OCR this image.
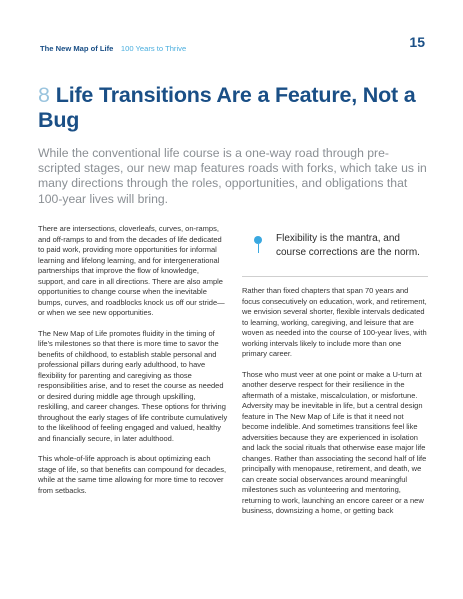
The New Map of Life 100 Years to Thrive	15
8 Life Transitions Are a Feature, Not a Bug
While the conventional life course is a one-way road through pre-scripted stages, our new map features roads with forks, which take us in many directions through the roles, opportunities, and obligations that 100-year lives will bring.

There are intersections, cloverleafs, curves, on-ramps, and off-ramps to and from the decades of life dedicated to paid work, providing more opportunities for informal learning and lifelong learning, and for intergenerational partnerships that improve the flow of knowledge, support, and care in all directions. There are also ample opportunities to change course when the inevitable bumps, curves, and roadblocks knock us off our stride—or when we see new opportunities.

The New Map of Life promotes fluidity in the timing of life's milestones so that there is more time to savor the benefits of childhood, to establish stable personal and professional pillars during early adulthood, to have flexibility for parenting and caregiving as those responsibilities arise, and to reset the course as needed or desired during middle age through upskilling, reskilling, and career changes. These options for thriving throughout the early stages of life contribute cumulatively to the likelihood of feeling engaged and valued, healthy and financially secure, in later adulthood.

This whole-of-life approach is about optimizing each stage of life, so that benefits can compound for decades, while at the same time allowing for more time to recover from setbacks.

Flexibility is the mantra, and course corrections are the norm.

Rather than fixed chapters that span 70 years and focus consecutively on education, work, and retirement, we envision several shorter, flexible intervals dedicated to learning, working, caregiving, and leisure that are woven as needed into the course of 100-year lives, with working intervals likely to include more than one primary career.

Those who must veer at one point or make a U-turn at another deserve respect for their resilience in the aftermath of a mistake, miscalculation, or misfortune. Adversity may be inevitable in life, but a central design feature in The New Map of Life is that it need not become indelible. And sometimes transitions feel like adversities because they are experienced in isolation and lack the social rituals that otherwise ease major life changes. Rather than associating the second half of life principally with menopause, retirement, and death, we can create social observances around meaningful milestones such as volunteering and mentoring, returning to work, launching an encore career or a new business, downsizing a home, or getting back
